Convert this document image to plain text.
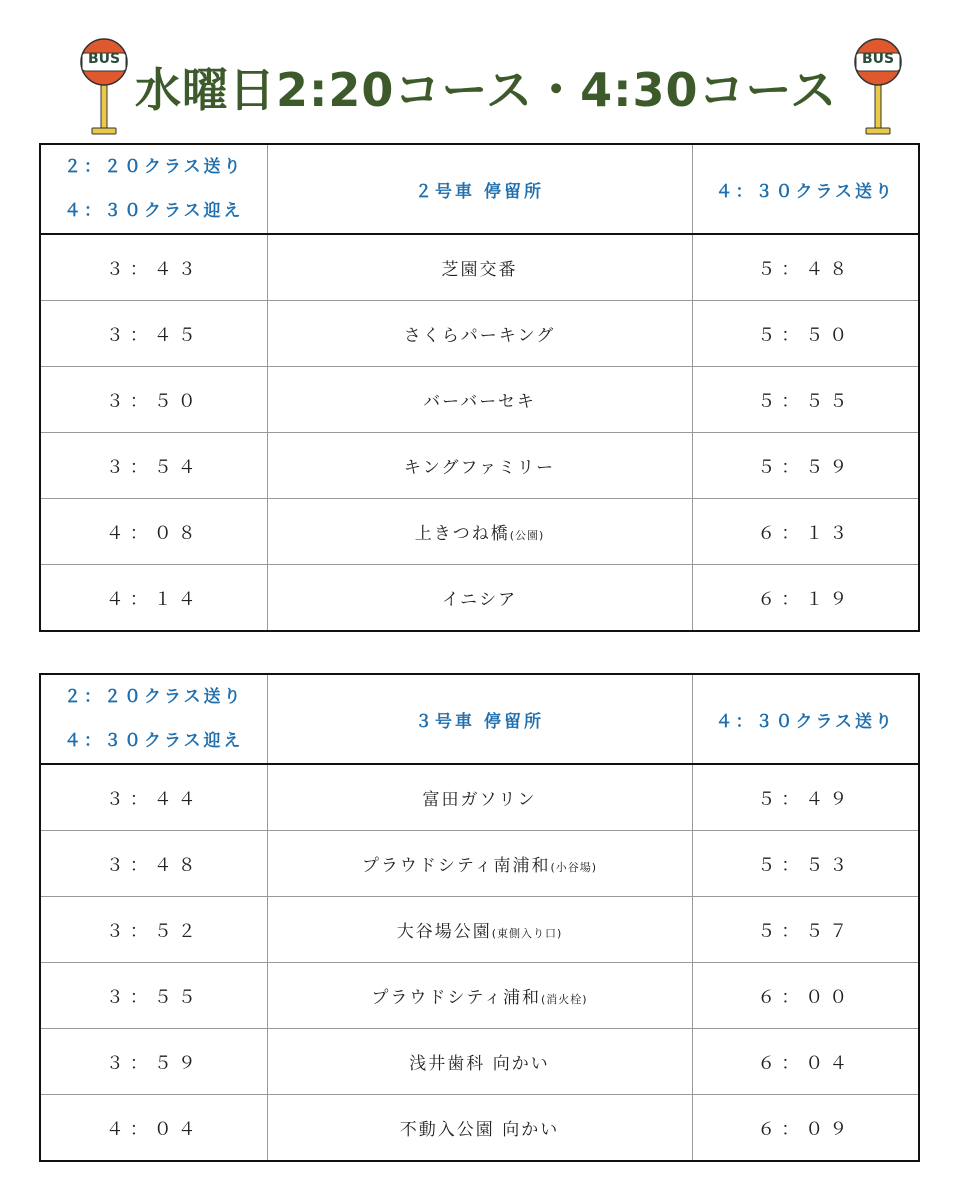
BUS
水曜日2:20コース・4:30コース
BUS
２：２０クラス送り
４：３０クラス迎え	２号車 停留所	４：３０クラス送り
３：４３	芝園交番	５：４８
３：４５	さくらパーキング	５：５０
３：５０	バーバーセキ	５：５５
３：５４	キングファミリー	５：５９
４：０８	上きつね橋(公園)	６：１３
４：１４	イニシア	６：１９
２：２０クラス送り
４：３０クラス迎え	３号車 停留所	４：３０クラス送り
３：４４	富田ガソリン	５：４９
３：４８	プラウドシティ南浦和(小谷場)	５：５３
３：５２	大谷場公園(東側入り口)	５：５７
３：５５	プラウドシティ浦和(消火栓)	６：００
３：５９	浅井歯科 向かい	６：０４
４：０４	不動入公園 向かい	６：０９
